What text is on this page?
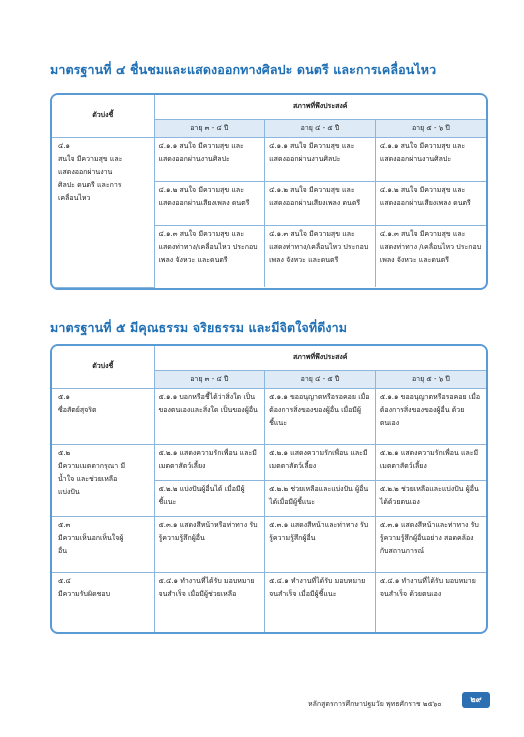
มาตรฐานที่ ๔ ชื่นชมและแสดงออกทางศิลปะ ดนตรี และการเคลื่อนไหว
ตัวบ่งชี้	สภาพที่พึงประสงค์		
	อายุ ๓ - ๔ ปี	อายุ ๔ - ๕ ปี	อายุ ๕ - ๖ ปี
๔.๑สนใจ มีความสุข และแสดงออกผ่านงานศิลปะ ดนตรี และการเคลื่อนไหว	๔.๑.๑ สนใจ มีความสุข และแสดงออกผ่านงานศิลปะ	๔.๑.๑ สนใจ มีความสุข และแสดงออกผ่านงานศิลปะ	๔.๑.๑ สนใจ มีความสุข และแสดงออกผ่านงานศิลปะ
	๔.๑.๒ สนใจ มีความสุข และแสดงออกผ่านเสียงเพลง ดนตรี	๔.๑.๒ สนใจ มีความสุข และแสดงออกผ่านเสียงเพลง ดนตรี	๔.๑.๒ สนใจ มีความสุข และแสดงออกผ่านเสียงเพลง ดนตรี
	๔.๑.๓ สนใจ มีความสุข และแสดงท่าทาง/เคลื่อนไหว ประกอบเพลง จังหวะ และดนตรี	๔.๑.๓ สนใจ มีความสุข และแสดงท่าทาง/เคลื่อนไหว ประกอบเพลง จังหวะ และดนตรี	๔.๑.๓ สนใจ มีความสุข และแสดงท่าทาง /เคลื่อนไหว ประกอบเพลง จังหวะ และดนตรี
มาตรฐานที่ ๕ มีคุณธรรม จริยธรรม และมีจิตใจที่ดีงาม
ตัวบ่งชี้	สภาพที่พึงประสงค์		
	อายุ ๓ - ๔ ปี	อายุ ๔ - ๕ ปี	อายุ ๕ - ๖ ปี
๕.๑ซื่อสัตย์สุจริต	๕.๑.๑ บอกหรือชี้ได้ว่าสิ่งใด เป็นของตนเองและสิ่งใด เป็นของผู้อื่น	๕.๑.๑ ขออนุญาตหรือรอคอย เมื่อต้องการสิ่งของของผู้อื่น เมื่อมีผู้ชี้แนะ	๕.๑.๑ ขออนุญาตหรือรอคอย เมื่อต้องการสิ่งของของผู้อื่น ด้วยตนเอง
๕.๒มีความเมตตากรุณา มีน้ำใจ และช่วยเหลือแบ่งปัน	๕.๒.๑ แสดงความรักเพื่อน และมีเมตตาสัตว์เลี้ยง	๕.๒.๑ แสดงความรักเพื่อน และมีเมตตาสัตว์เลี้ยง	๕.๒.๑ แสดงความรักเพื่อน และมีเมตตาสัตว์เลี้ยง
	๕.๒.๒ แบ่งปันผู้อื่นได้ เมื่อมีผู้ชี้แนะ	๕.๒.๒ ช่วยเหลือและแบ่งปัน ผู้อื่นได้เมื่อมีผู้ชี้แนะ	๕.๒.๒ ช่วยเหลือและแบ่งปัน ผู้อื่นได้ด้วยตนเอง
๕.๓มีความเห็นอกเห็นใจผู้อื่น	๕.๓.๑ แสดงสีหน้าหรือท่าทาง รับรู้ความรู้สึกผู้อื่น	๕.๓.๑ แสดงสีหน้าและท่าทาง รับรู้ความรู้สึกผู้อื่น	๕.๓.๑ แสดงสีหน้าและท่าทาง รับรู้ความรู้สึกผู้อื่นอย่าง สอดคล้องกับสถานการณ์
๕.๔มีความรับผิดชอบ	๕.๔.๑ ทำงานที่ได้รับ มอบหมายจนสำเร็จ เมื่อมีผู้ช่วยเหลือ	๕.๔.๑ ทำงานที่ได้รับ มอบหมายจนสำเร็จ เมื่อมีผู้ชี้แนะ	๕.๔.๑ ทำงานที่ได้รับ มอบหมายจนสำเร็จ ด้วยตนเอง
หลักสูตรการศึกษาปฐมวัย พุทธศักราช ๒๕๖๐	๒๙
